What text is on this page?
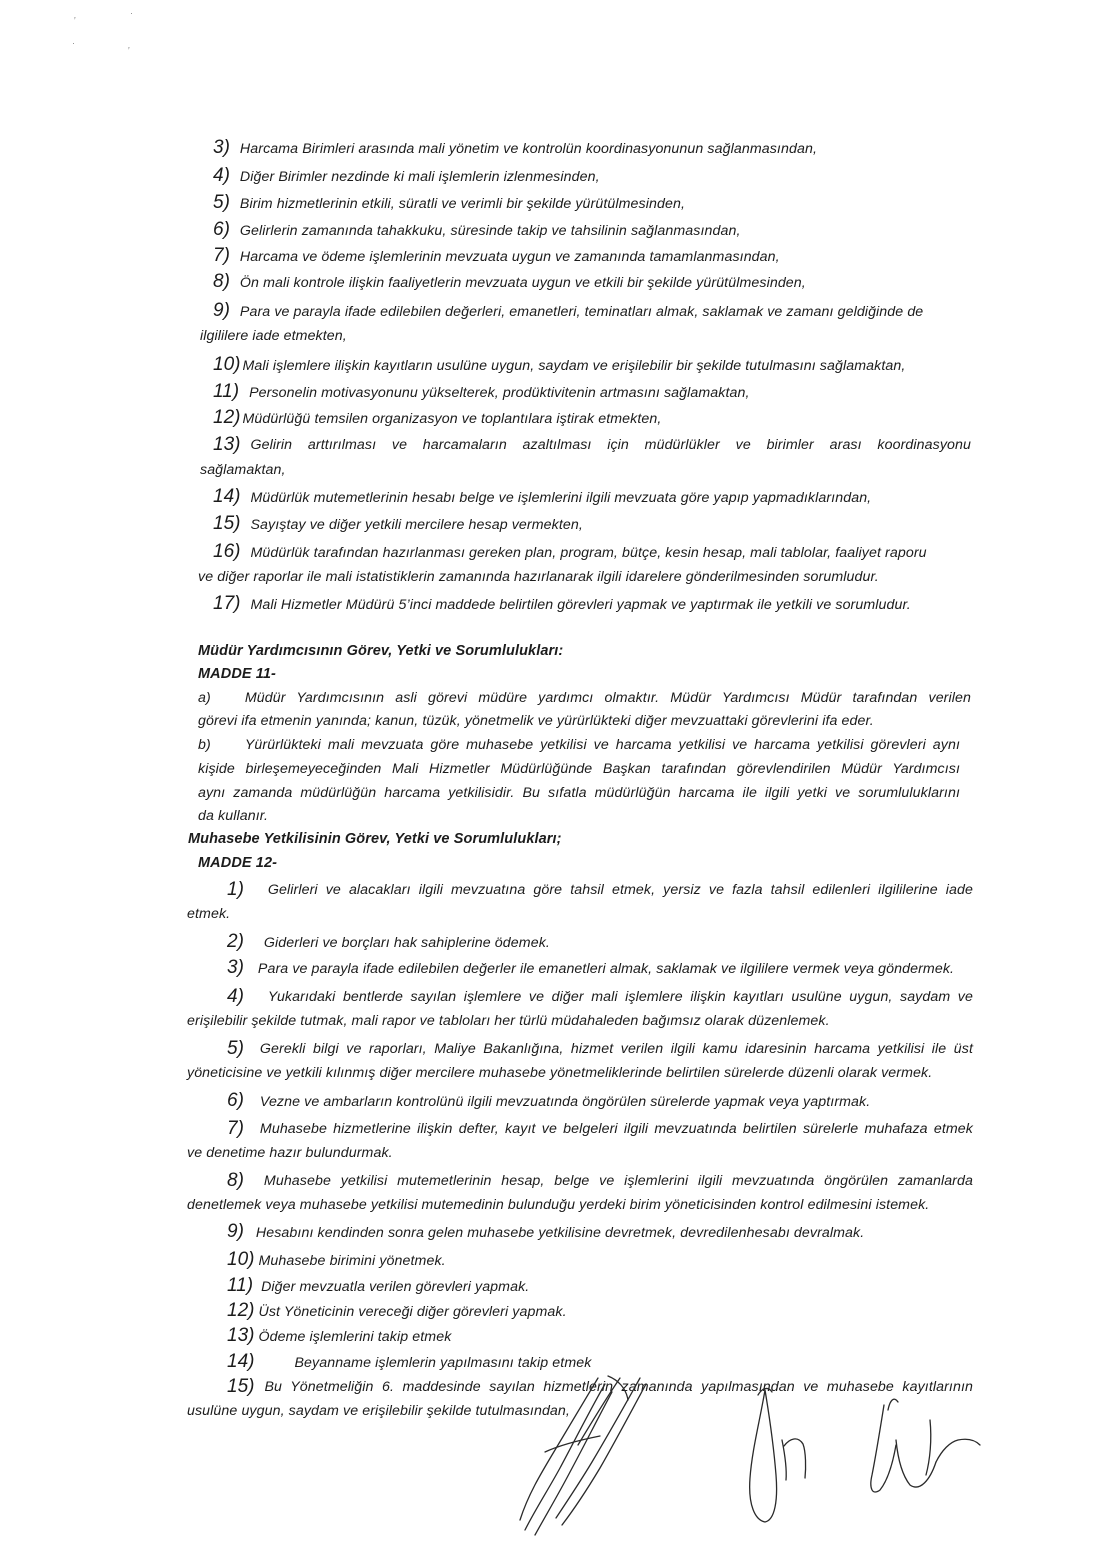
,	·
·	,
3) Harcama Birimleri arasında mali yönetim ve kontrolün koordinasyonunun sağlanmasından,
4) Diğer Birimler nezdinde ki mali işlemlerin izlenmesinden,
5) Birim hizmetlerinin etkili, süratli ve verimli bir şekilde yürütülmesinden,
6) Gelirlerin zamanında tahakkuku, süresinde takip ve tahsilinin sağlanmasından,
7) Harcama ve ödeme işlemlerinin mevzuata uygun ve zamanında tamamlanmasından,
8) Ön mali kontrole ilişkin faaliyetlerin mevzuata uygun ve etkili bir şekilde yürütülmesinden,
9) Para ve parayla ifade edilebilen değerleri, emanetleri, teminatları almak, saklamak ve zamanı geldiğinde de
ilgililere iade etmekten,
10) Mali işlemlere ilişkin kayıtların usulüne uygun, saydam ve erişilebilir bir şekilde tutulmasını sağlamaktan,
11) Personelin motivasyonunu yükselterek, prodüktivitenin artmasını sağlamaktan,
12) Müdürlüğü temsilen organizasyon ve toplantılara iştirak etmekten,
13) Gelirin arttırılması ve harcamaların azaltılması için müdürlükler ve birimler arası koordinasyonu
sağlamaktan,
14) Müdürlük mutemetlerinin hesabı belge ve işlemlerini ilgili mevzuata göre yapıp yapmadıklarından,
15) Sayıştay ve diğer yetkili mercilere hesap vermekten,
16) Müdürlük tarafından hazırlanması gereken plan, program, bütçe, kesin hesap, mali tablolar, faaliyet raporu
ve diğer raporlar ile mali istatistiklerin zamanında hazırlanarak ilgili idarelere gönderilmesinden sorumludur.
17) Mali Hizmetler Müdürü 5’inci maddede belirtilen görevleri yapmak ve yaptırmak ile yetkili ve sorumludur.
Müdür Yardımcısının Görev, Yetki ve Sorumlulukları:
MADDE 11-
a) Müdür Yardımcısının asli görevi müdüre yardımcı olmaktır. Müdür Yardımcısı Müdür tarafından verilen
görevi ifa etmenin yanında; kanun, tüzük, yönetmelik ve yürürlükteki diğer mevzuattaki görevlerini ifa eder.
b) Yürürlükteki mali mevzuata göre muhasebe yetkilisi ve harcama yetkilisi ve harcama yetkilisi görevleri aynı
kişide birleşemeyeceğinden Mali Hizmetler Müdürlüğünde Başkan tarafından görevlendirilen Müdür Yardımcısı
aynı zamanda müdürlüğün harcama yetkilisidir. Bu sıfatla müdürlüğün harcama ile ilgili yetki ve sorumluluklarını
da kullanır.
Muhasebe Yetkilisinin Görev, Yetki ve Sorumlulukları;
MADDE 12-
1) Gelirleri ve alacakları ilgili mevzuatına göre tahsil etmek, yersiz ve fazla tahsil edilenleri ilgililerine iade
etmek.
2) Giderleri ve borçları hak sahiplerine ödemek.
3) Para ve parayla ifade edilebilen değerler ile emanetleri almak, saklamak ve ilgililere vermek veya göndermek.
4) Yukarıdaki bentlerde sayılan işlemlere ve diğer mali işlemlere ilişkin kayıtları usulüne uygun, saydam ve
erişilebilir şekilde tutmak, mali rapor ve tabloları her türlü müdahaleden bağımsız olarak düzenlemek.
5) Gerekli bilgi ve raporları, Maliye Bakanlığına, hizmet verilen ilgili kamu idaresinin harcama yetkilisi ile üst
yöneticisine ve yetkili kılınmış diğer mercilere muhasebe yönetmeliklerinde belirtilen sürelerde düzenli olarak vermek.
6) Vezne ve ambarların kontrolünü ilgili mevzuatında öngörülen sürelerde yapmak veya yaptırmak.
7) Muhasebe hizmetlerine ilişkin defter, kayıt ve belgeleri ilgili mevzuatında belirtilen sürelerle muhafaza etmek
ve denetime hazır bulundurmak.
8) Muhasebe yetkilisi mutemetlerinin hesap, belge ve işlemlerini ilgili mevzuatında öngörülen zamanlarda
denetlemek veya muhasebe yetkilisi mutemedinin bulunduğu yerdeki birim yöneticisinden kontrol edilmesini istemek.
9) Hesabını kendinden sonra gelen muhasebe yetkilisine devretmek, devredilenhesabı devralmak.
10) Muhasebe birimini yönetmek.
11) Diğer mevzuatla verilen görevleri yapmak.
12) Üst Yöneticinin vereceği diğer görevleri yapmak.
13) Ödeme işlemlerini takip etmek
14)	Beyanname işlemlerin yapılmasını takip etmek
15) Bu Yönetmeliğin 6. maddesinde sayılan hizmetlerin zamanında yapılmasından ve muhasebe kayıtlarının
usulüne uygun, saydam ve erişilebilir şekilde tutulmasından,
